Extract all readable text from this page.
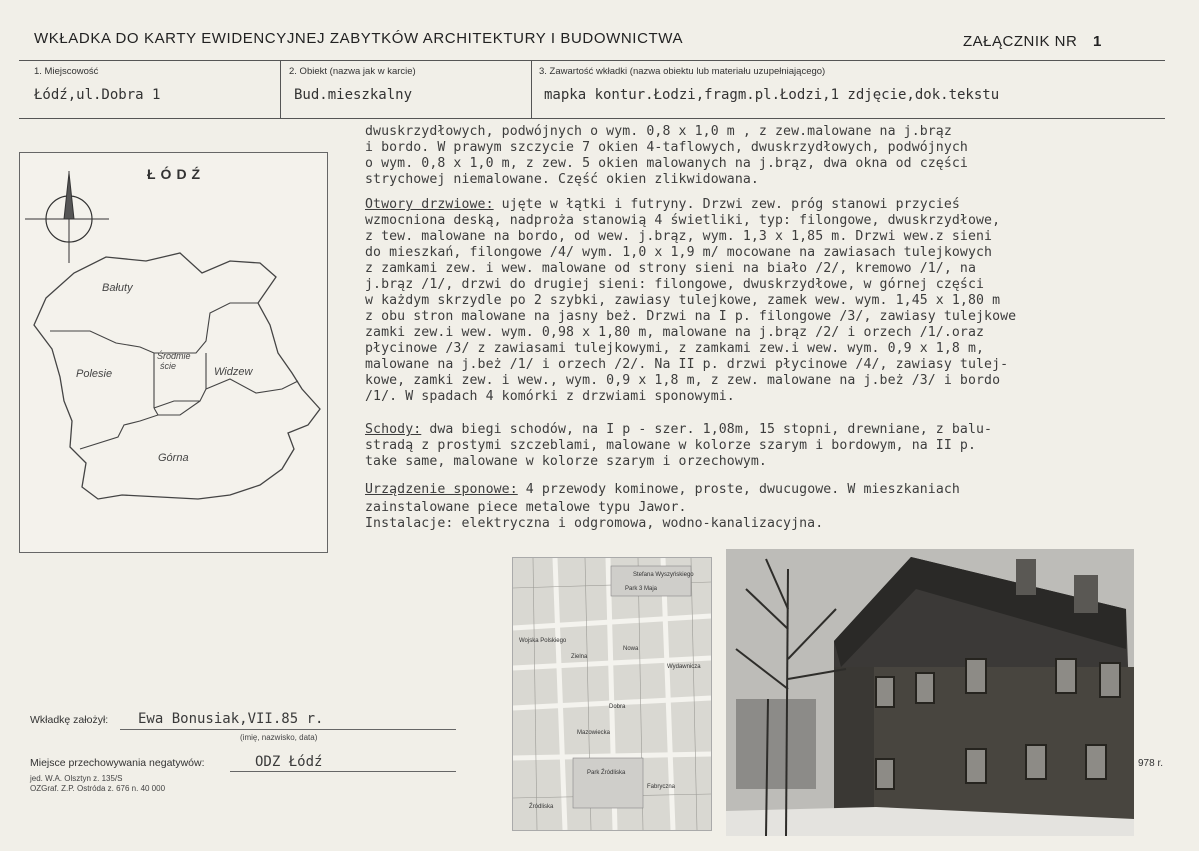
WKŁADKA DO KARTY EWIDENCYJNEJ ZABYTKÓW ARCHITEKTURY I BUDOWNICTWA	ZAŁĄCZNIK NR 1
1. Miejscowość
Łódź,ul.Dobra 1
2. Obiekt (nazwa jak w karcie)
Bud.mieszkalny
3. Zawartość wkładki (nazwa obiektu lub materiału uzupełniającego)
mapka kontur.Łodzi,fragm.pl.Łodzi,1 zdjęcie,dok.tekstu
ŁÓDŹ
Bałuty
Śródmie
ście
Polesie	Widzew
Górna
dwuskrzydłowych, podwójnych o wym. 0,8 x 1,0 m , z zew.malowane na j.brąz
i bordo. W prawym szczycie 7 okien 4-taflowych, dwuskrzydłowych, podwójnych
o wym. 0,8 x 1,0 m, z zew. 5 okien malowanych na j.brąz, dwa okna od części
strychowej niemalowane. Część okien zlikwidowana.
Otwory drzwiowe: ujęte w łątki i futryny. Drzwi zew. próg stanowi przycieś
wzmocniona deską, nadproża stanowią 4 świetliki, typ: filongowe, dwuskrzydłowe,
z tew. malowane na bordo, od wew. j.brąz, wym. 1,3 x 1,85 m. Drzwi wew.z sieni
do mieszkań, filongowe /4/ wym. 1,0 x 1,9 m/ mocowane na zawiasach tulejkowych
z zamkami zew. i wew. malowane od strony sieni na biało /2/, kremowo /1/, na
j.brąz /1/, drzwi do drugiej sieni: filongowe, dwuskrzydłowe, w górnej części
w każdym skrzydle po 2 szybki, zawiasy tulejkowe, zamek wew. wym. 1,45 x 1,80 m
z obu stron malowane na jasny beż. Drzwi na I p. filongowe /3/, zawiasy tulejkowe
zamki zew.i wew. wym. 0,98 x 1,80 m, malowane na j.brąz /2/ i orzech /1/.oraz
płycinowe /3/ z zawiasami tulejkowymi, z zamkami zew.i wew. wym. 0,9 x 1,8 m,
malowane na j.beż /1/ i orzech /2/. Na II p. drzwi płycinowe /4/, zawiasy tulej-
kowe, zamki zew. i wew., wym. 0,9 x 1,8 m, z zew. malowane na j.beż /3/ i bordo
/1/. W spadach 4 komórki z drzwiami sponowymi.
Schody: dwa biegi schodów, na I p - szer. 1,08m, 15 stopni, drewniane, z balu-
stradą z prostymi szczeblami, malowane w kolorze szarym i bordowym, na II p.
take same, malowane w kolorze szarym i orzechowym.
Urządzenie sponowe: 4 przewody kominowe, proste, dwucugowe. W mieszkaniach
zainstalowane piece metalowe typu Jawor.
Instalacje: elektryczna i odgromowa, wodno-kanalizacyjna.
Stefana Wyszyńskiego
Park 3 Maja
Wojska Polskiego
Zielna
Nowa
Dobra
Mazowiecka
Park Źródliska
Fabryczna
Wydawnicza
Źródliska
978 r.
Wkładkę założył: Ewa Bonusiak,VII.85 r.
(imię, nazwisko, data)
Miejsce przechowywania negatywów:	ODZ Łódź
jed. W.A. Olsztyn z. 135/S
OZGraf. Z.P. Ostróda z. 676 n. 40 000
